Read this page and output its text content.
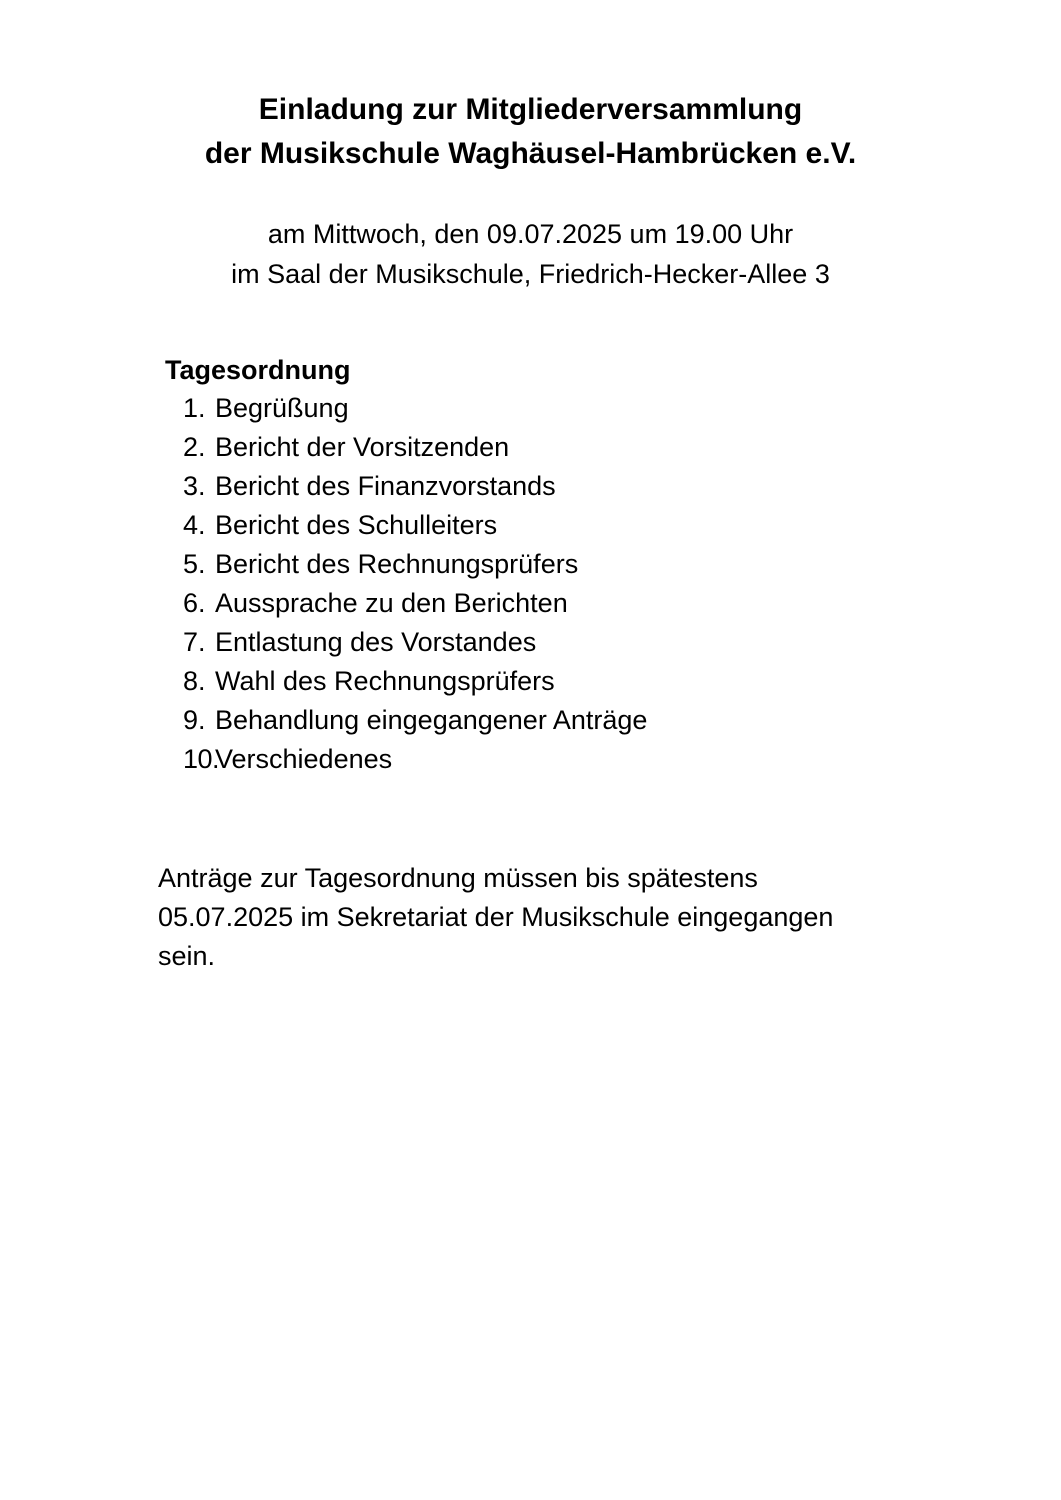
Einladung zur Mitgliederversammlung
der Musikschule Waghäusel-Hambrücken e.V.
am Mittwoch, den 09.07.2025 um 19.00 Uhr
im Saal der Musikschule, Friedrich-Hecker-Allee 3
Tagesordnung
1. Begrüßung
2. Bericht der Vorsitzenden
3. Bericht des Finanzvorstands
4. Bericht des Schulleiters
5. Bericht des Rechnungsprüfers
6. Aussprache zu den Berichten
7. Entlastung des Vorstandes
8. Wahl des Rechnungsprüfers
9. Behandlung eingegangener Anträge
10.Verschiedenes
Anträge zur Tagesordnung müssen bis spätestens
05.07.2025 im Sekretariat der Musikschule eingegangen
sein.
